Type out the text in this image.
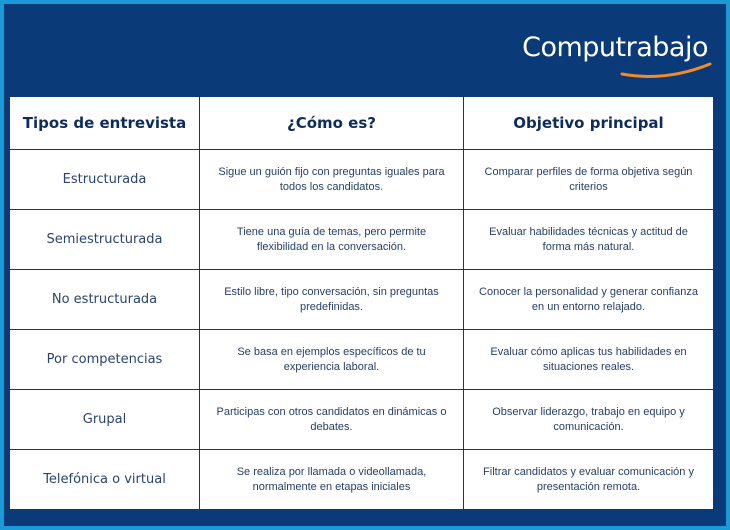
Computrabajo
Tipos de entrevista	¿Cómo es?	Objetivo principal
Estructurada	Sigue un guión fijo con preguntas iguales para todos los candidatos.	Comparar perfiles de forma objetiva según criterios
Semiestructurada	Tiene una guía de temas, pero permite flexibilidad en la conversación.	Evaluar habilidades técnicas y actitud de forma más natural.
No estructurada	Estilo libre, tipo conversación, sin preguntas predefinidas.	Conocer la personalidad y generar confianza en un entorno relajado.
Por competencias	Se basa en ejemplos específicos de tu experiencia laboral.	Evaluar cómo aplicas tus habilidades en situaciones reales.
Grupal	Participas con otros candidatos en dinámicas o debates.	Observar liderazgo, trabajo en equipo y comunicación.
Telefónica o virtual	Se realiza por llamada o videollamada, normalmente en etapas iniciales	Filtrar candidatos y evaluar comunicación y presentación remota.
